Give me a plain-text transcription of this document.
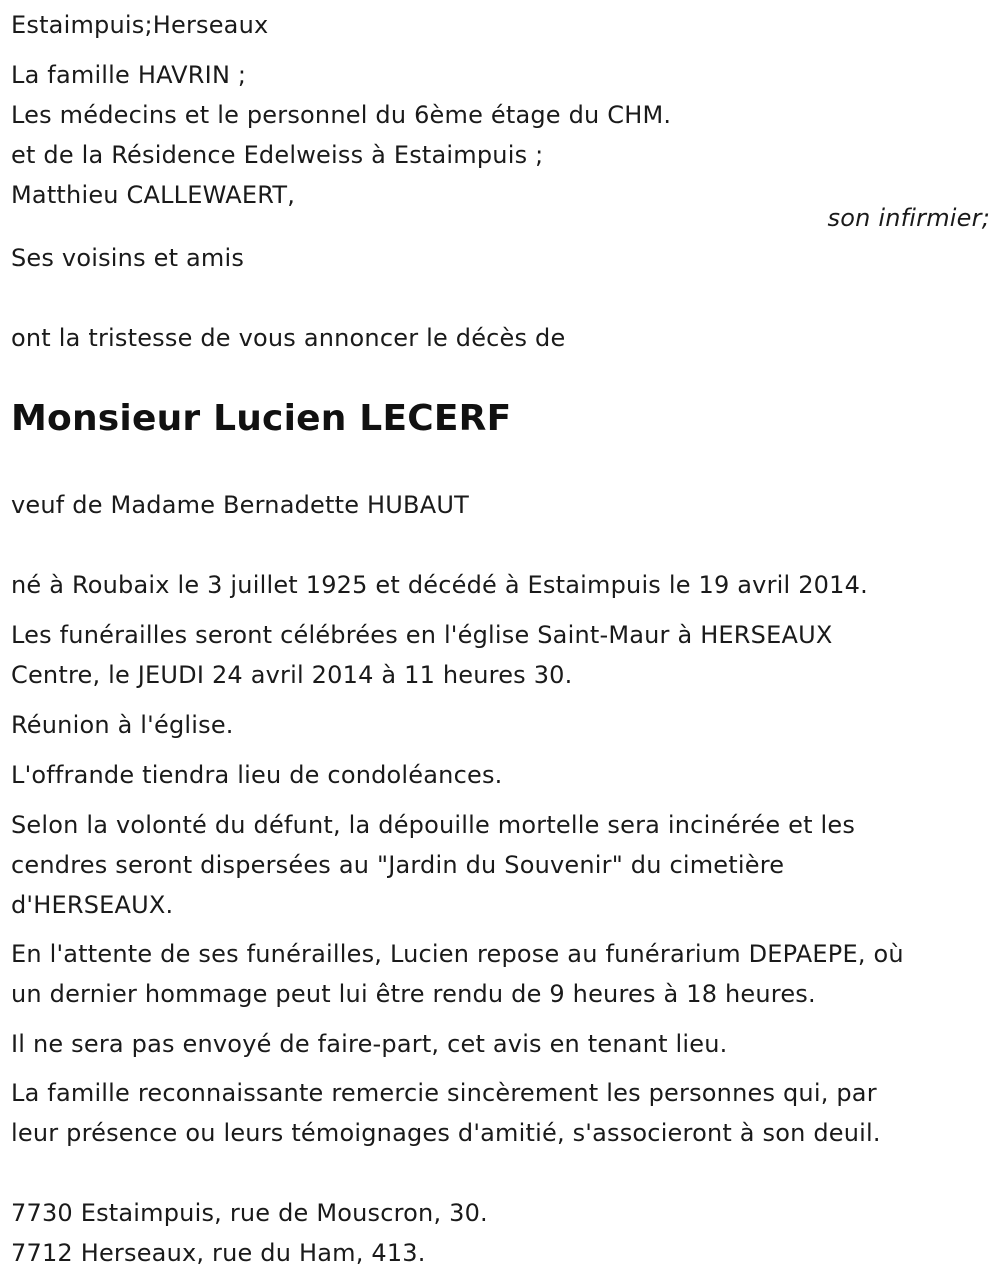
Estaimpuis;Herseaux
La famille HAVRIN ;
Les médecins et le personnel du 6ème étage du CHM.
et de la Résidence Edelweiss à Estaimpuis ;
Matthieu CALLEWAERT,
son infirmier;
Ses voisins et amis
ont la tristesse de vous annoncer le décès de
Monsieur Lucien LECERF
veuf de Madame Bernadette HUBAUT
né à Roubaix le 3 juillet 1925 et décédé à Estaimpuis le 19 avril 2014.
Les funérailles seront célébrées en l'église Saint-Maur à HERSEAUX
Centre, le JEUDI 24 avril 2014 à 11 heures 30.
Réunion à l'église.
L'offrande tiendra lieu de condoléances.
Selon la volonté du défunt, la dépouille mortelle sera incinérée et les
cendres seront dispersées au "Jardin du Souvenir" du cimetière
d'HERSEAUX.
En l'attente de ses funérailles, Lucien repose au funérarium DEPAEPE, où
un dernier hommage peut lui être rendu de 9 heures à 18 heures.
Il ne sera pas envoyé de faire-part, cet avis en tenant lieu.
La famille reconnaissante remercie sincèrement les personnes qui, par
leur présence ou leurs témoignages d'amitié, s'associeront à son deuil.
7730 Estaimpuis, rue de Mouscron, 30.
7712 Herseaux, rue du Ham, 413.
